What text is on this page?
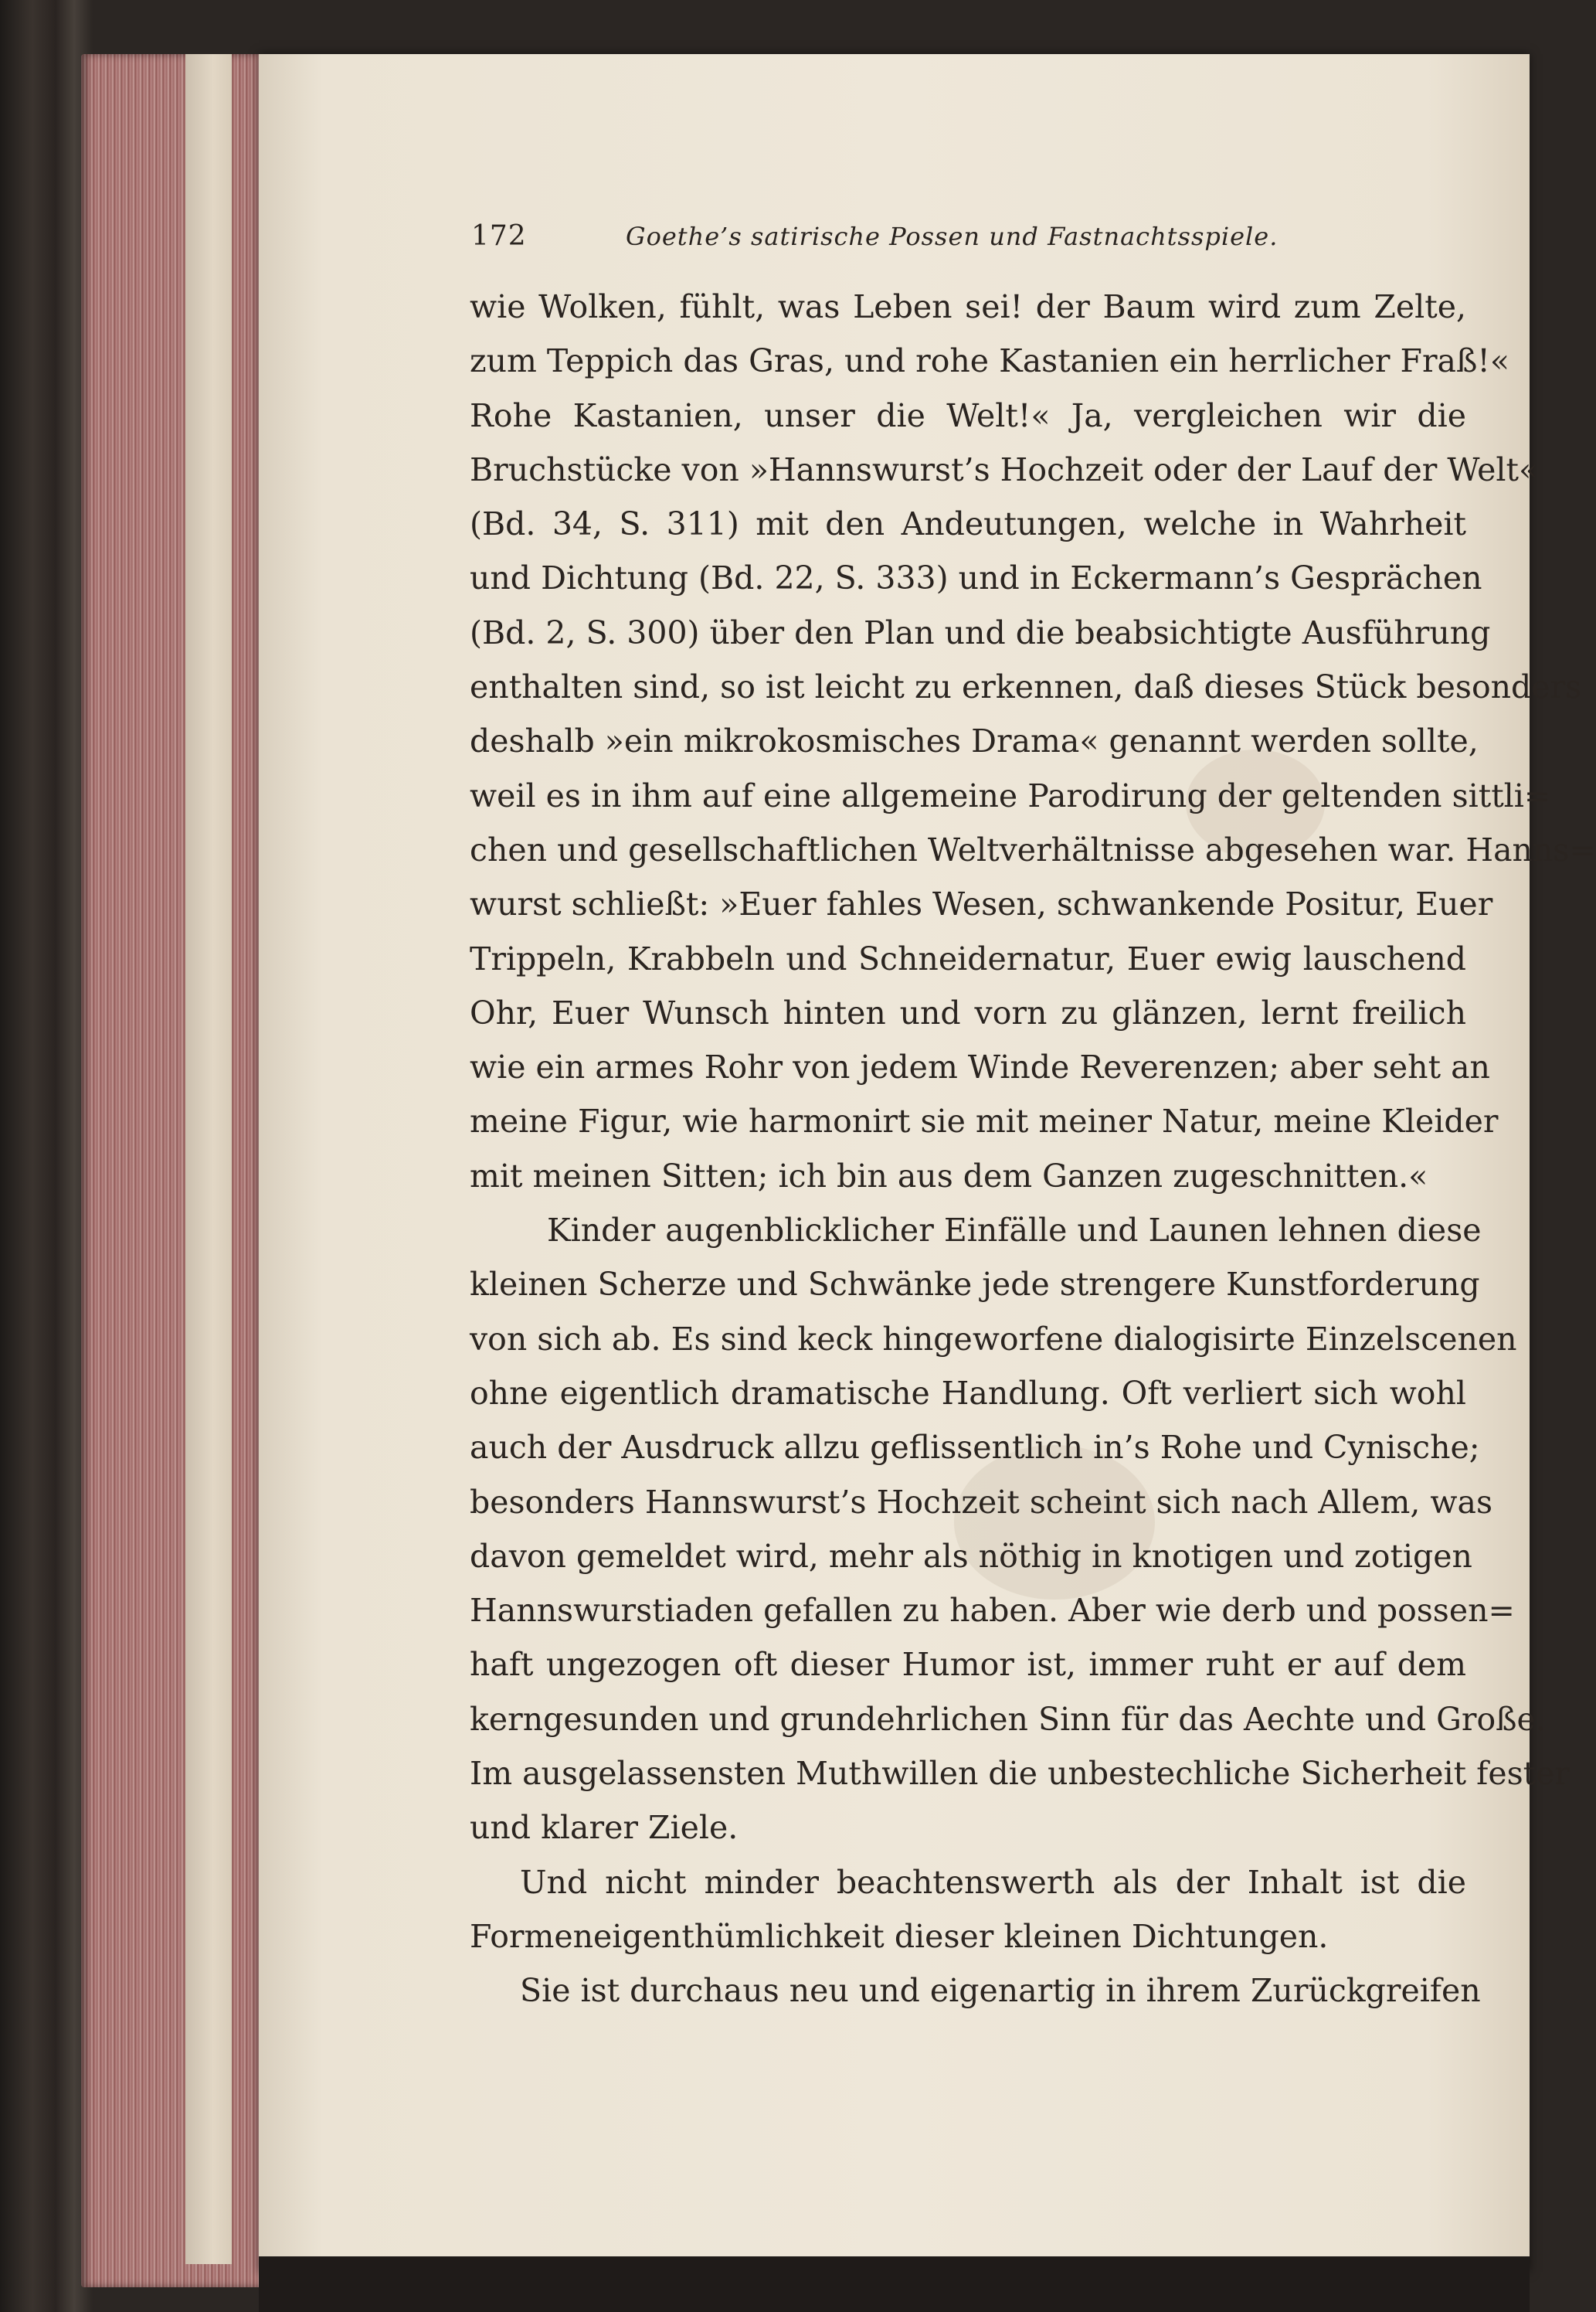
172	Goethe’s satirische Possen und Fastnachtsspiele.
wie Wolken, fühlt, was Leben sei! der Baum wird zum Zelte,
zum Teppich das Gras, und rohe Kastanien ein herrlicher Fraß!«
Rohe Kastanien, unser die Welt!« Ja, vergleichen wir die
Bruchstücke von »Hannswurst’s Hochzeit oder der Lauf der Welt«
(Bd. 34, S. 311) mit den Andeutungen, welche in Wahrheit
und Dichtung (Bd. 22, S. 333) und in Eckermann’s Gesprächen
(Bd. 2, S. 300) über den Plan und die beabsichtigte Ausführung
enthalten sind, so ist leicht zu erkennen, daß dieses Stück besonders
deshalb »ein mikrokosmisches Drama« genannt werden sollte,
weil es in ihm auf eine allgemeine Parodirung der geltenden sittli=
chen und gesellschaftlichen Weltverhältnisse abgesehen war. Hanns=
wurst schließt: »Euer fahles Wesen, schwankende Positur, Euer
Trippeln, Krabbeln und Schneidernatur, Euer ewig lauschend
Ohr, Euer Wunsch hinten und vorn zu glänzen, lernt freilich
wie ein armes Rohr von jedem Winde Reverenzen; aber seht an
meine Figur, wie harmonirt sie mit meiner Natur, meine Kleider
mit meinen Sitten; ich bin aus dem Ganzen zugeschnitten.«
Kinder augenblicklicher Einfälle und Launen lehnen diese
kleinen Scherze und Schwänke jede strengere Kunstforderung
von sich ab. Es sind keck hingeworfene dialogisirte Einzelscenen
ohne eigentlich dramatische Handlung. Oft verliert sich wohl
auch der Ausdruck allzu geflissentlich in’s Rohe und Cynische;
besonders Hannswurst’s Hochzeit scheint sich nach Allem, was
davon gemeldet wird, mehr als nöthig in knotigen und zotigen
Hannswurstiaden gefallen zu haben. Aber wie derb und possen=
haft ungezogen oft dieser Humor ist, immer ruht er auf dem
kerngesunden und grundehrlichen Sinn für das Aechte und Große.
Im ausgelassensten Muthwillen die unbestechliche Sicherheit fester
und klarer Ziele.
Und nicht minder beachtenswerth als der Inhalt ist die
Formeneigenthümlichkeit dieser kleinen Dichtungen.
Sie ist durchaus neu und eigenartig in ihrem Zurückgreifen
